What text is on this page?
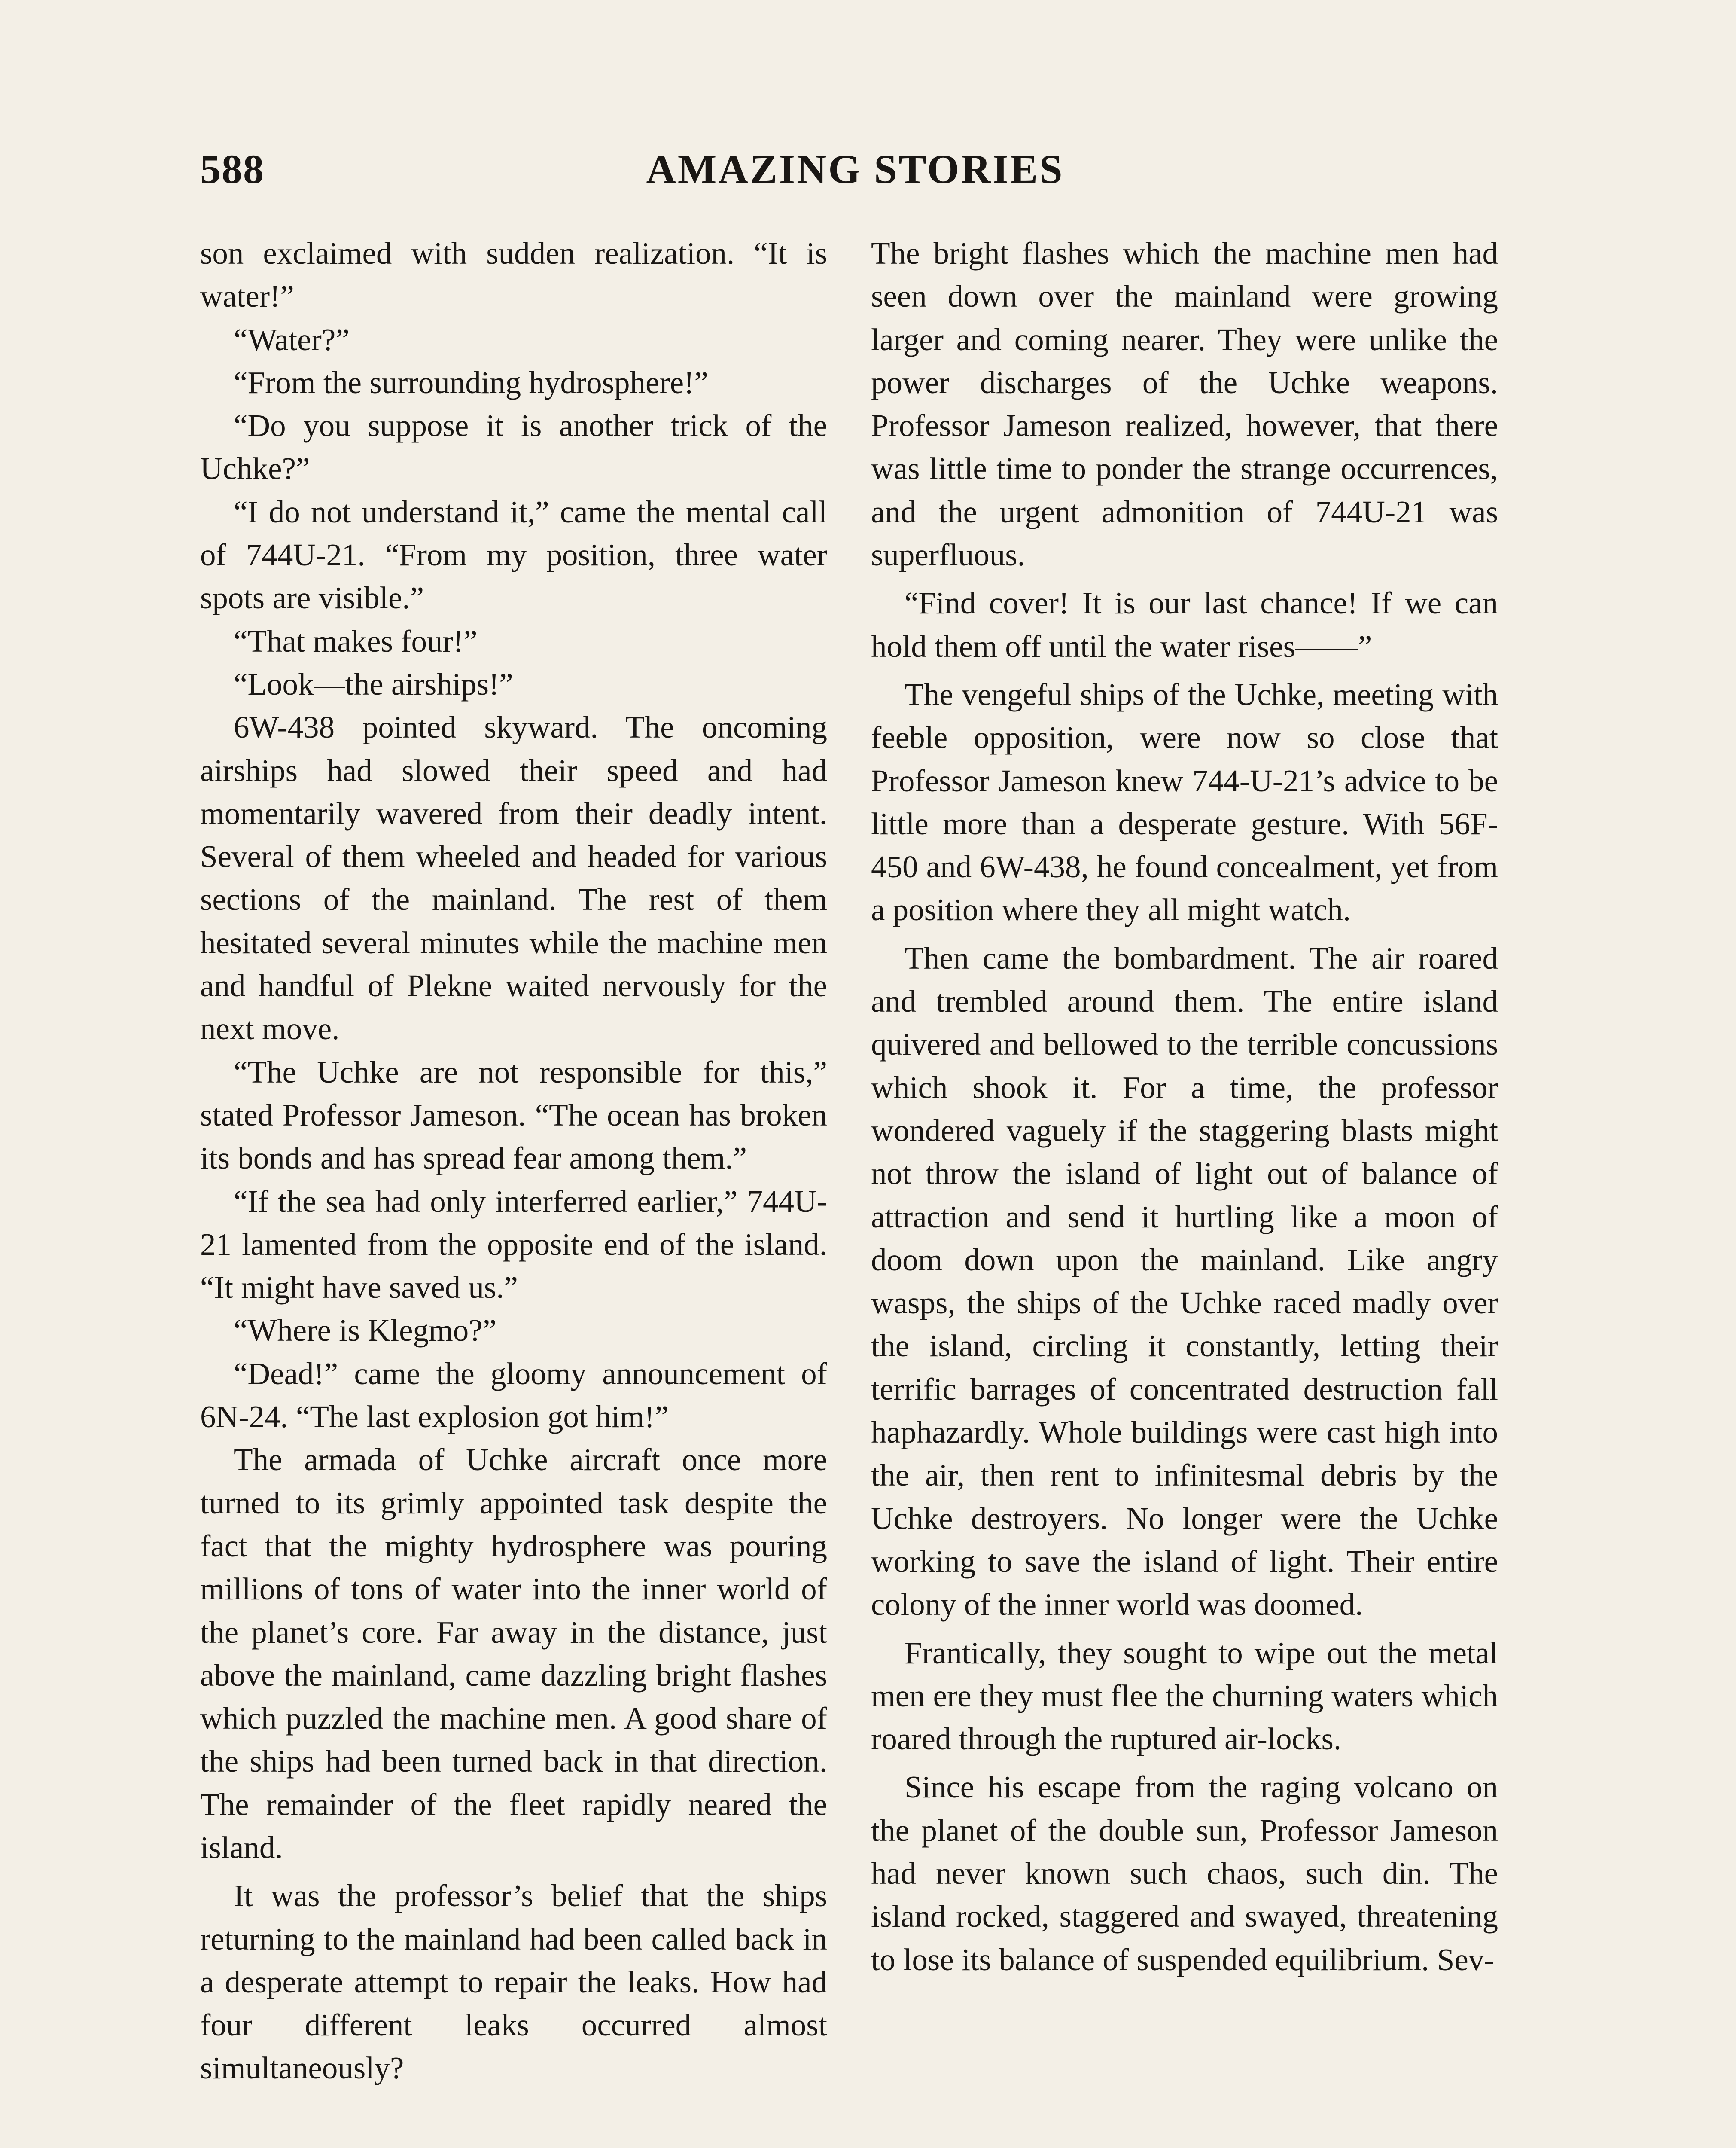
588	AMAZING STORIES

son exclaimed with sudden realization. “It is water!”

“Water?”

“From the surrounding hydrosphere!”

“Do you suppose it is another trick of the Uchke?”

“I do not understand it,” came the mental call of 744U-21. “From my position, three water spots are visible.”

“That makes four!”

“Look—the airships!”

6W-438 pointed skyward. The oncoming airships had slowed their speed and had momentarily wavered from their deadly intent. Several of them wheeled and headed for various sections of the mainland. The rest of them hesitated several minutes while the machine men and handful of Plekne waited nervously for the next move.

“The Uchke are not responsible for this,” stated Professor Jameson. “The ocean has broken its bonds and has spread fear among them.”

“If the sea had only interferred earlier,” 744U-21 lamented from the opposite end of the island. “It might have saved us.”

“Where is Klegmo?”

“Dead!” came the gloomy announcement of 6N-24. “The last explosion got him!”

The armada of Uchke aircraft once more turned to its grimly appointed task despite the fact that the mighty hydrosphere was pouring millions of tons of water into the inner world of the planet’s core. Far away in the distance, just above the mainland, came dazzling bright flashes which puzzled the machine men. A good share of the ships had been turned back in that direction. The remainder of the fleet rapidly neared the island.

It was the professor’s belief that the ships returning to the mainland had been called back in a desperate attempt to repair the leaks. How had four different leaks occurred almost simultaneously?

The bright flashes which the machine men had seen down over the mainland were growing larger and coming nearer. They were unlike the power discharges of the Uchke weapons. Professor Jameson realized, however, that there was little time to ponder the strange occurrences, and the urgent admonition of 744U-21 was superfluous.

“Find cover! It is our last chance! If we can hold them off until the water rises——”

The vengeful ships of the Uchke, meeting with feeble opposition, were now so close that Professor Jameson knew 744-U-21’s advice to be little more than a desperate gesture. With 56F-450 and 6W-438, he found concealment, yet from a position where they all might watch.

Then came the bombardment. The air roared and trembled around them. The entire island quivered and bellowed to the terrible concussions which shook it. For a time, the professor wondered vaguely if the staggering blasts might not throw the island of light out of balance of attraction and send it hurtling like a moon of doom down upon the mainland. Like angry wasps, the ships of the Uchke raced madly over the island, circling it constantly, letting their terrific barrages of concentrated destruction fall haphazardly. Whole buildings were cast high into the air, then rent to infinitesmal debris by the Uchke destroyers. No longer were the Uchke working to save the island of light. Their entire colony of the inner world was doomed.

Frantically, they sought to wipe out the metal men ere they must flee the churning waters which roared through the ruptured air-locks.

Since his escape from the raging volcano on the planet of the double sun, Professor Jameson had never known such chaos, such din. The island rocked, staggered and swayed, threatening to lose its balance of suspended equilibrium. Sev-
